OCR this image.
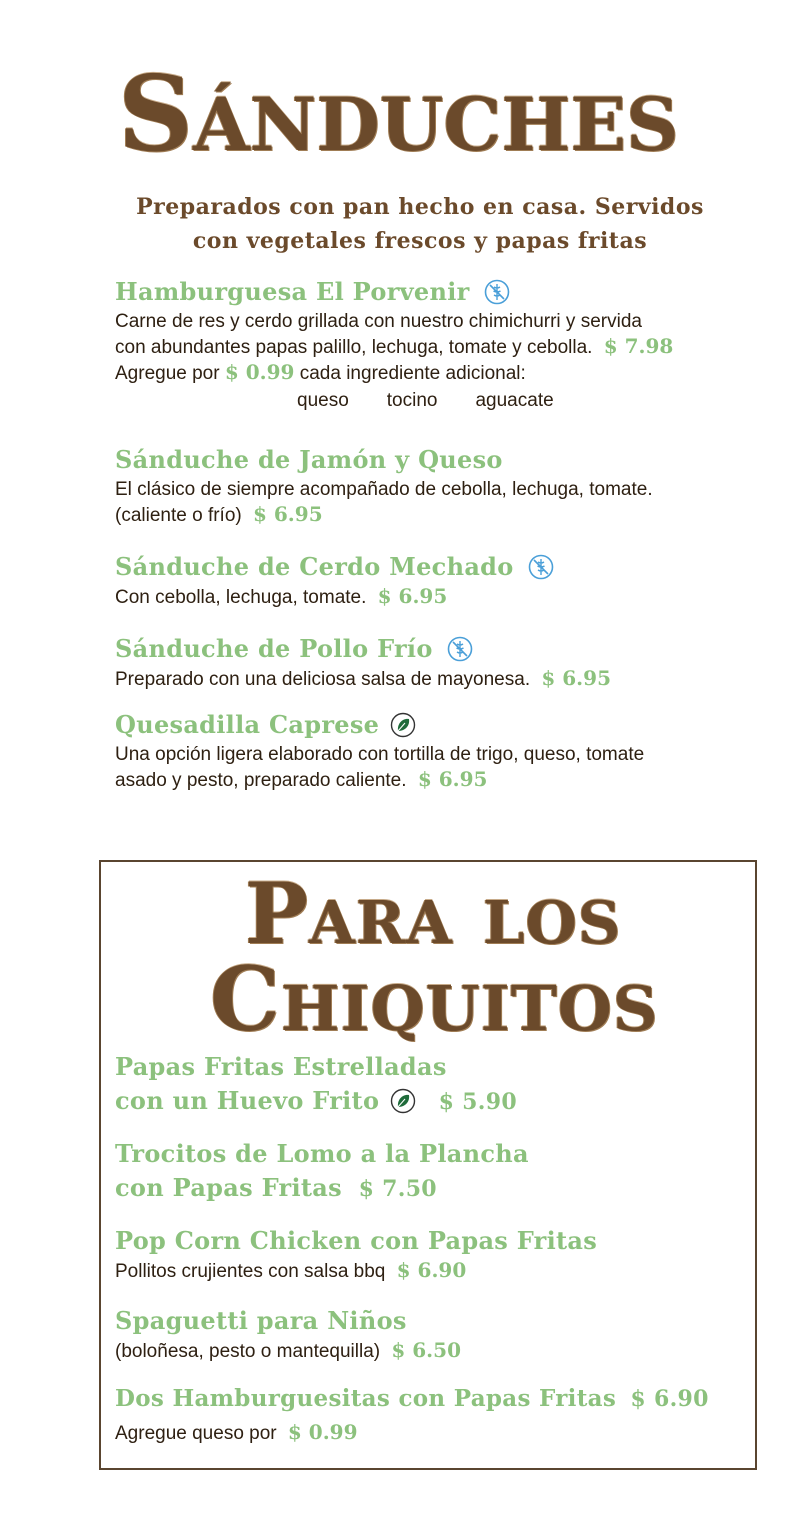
Sánduches

Preparados con pan hecho en casa. Servidos

con vegetales frescos y papas fritas

Hamburguesa El Porvenir
Carne de res y cerdo grillada con nuestro chimichurri y servida
con abundantes papas palillo, lechuga, tomate y cebolla. $ 7.98
Agregue por $ 0.99 cada ingrediente adicional:
queso tocino aguacate
Sánduche de Jamón y Queso
El clásico de siempre acompañado de cebolla, lechuga, tomate.
(caliente o frío) $ 6.95
Sánduche de Cerdo Mechado
Con cebolla, lechuga, tomate. $ 6.95
Sánduche de Pollo Frío
Preparado con una deliciosa salsa de mayonesa. $ 6.95
Quesadilla Caprese
Una opción ligera elaborado con tortilla de trigo, queso, tomate
asado y pesto, preparado caliente. $ 6.95
Para los
Chiquitos
Papas Fritas Estrelladas
con un Huevo Frito	$ 5.90
Trocitos de Lomo a la Plancha
con Papas Fritas $ 7.50
Pop Corn Chicken con Papas Fritas
Pollitos crujientes con salsa bbq $ 6.90
Spaguetti para Niños
(boloñesa, pesto o mantequilla) $ 6.50
Dos Hamburguesitas con Papas Fritas $ 6.90
Agregue queso por $ 0.99
